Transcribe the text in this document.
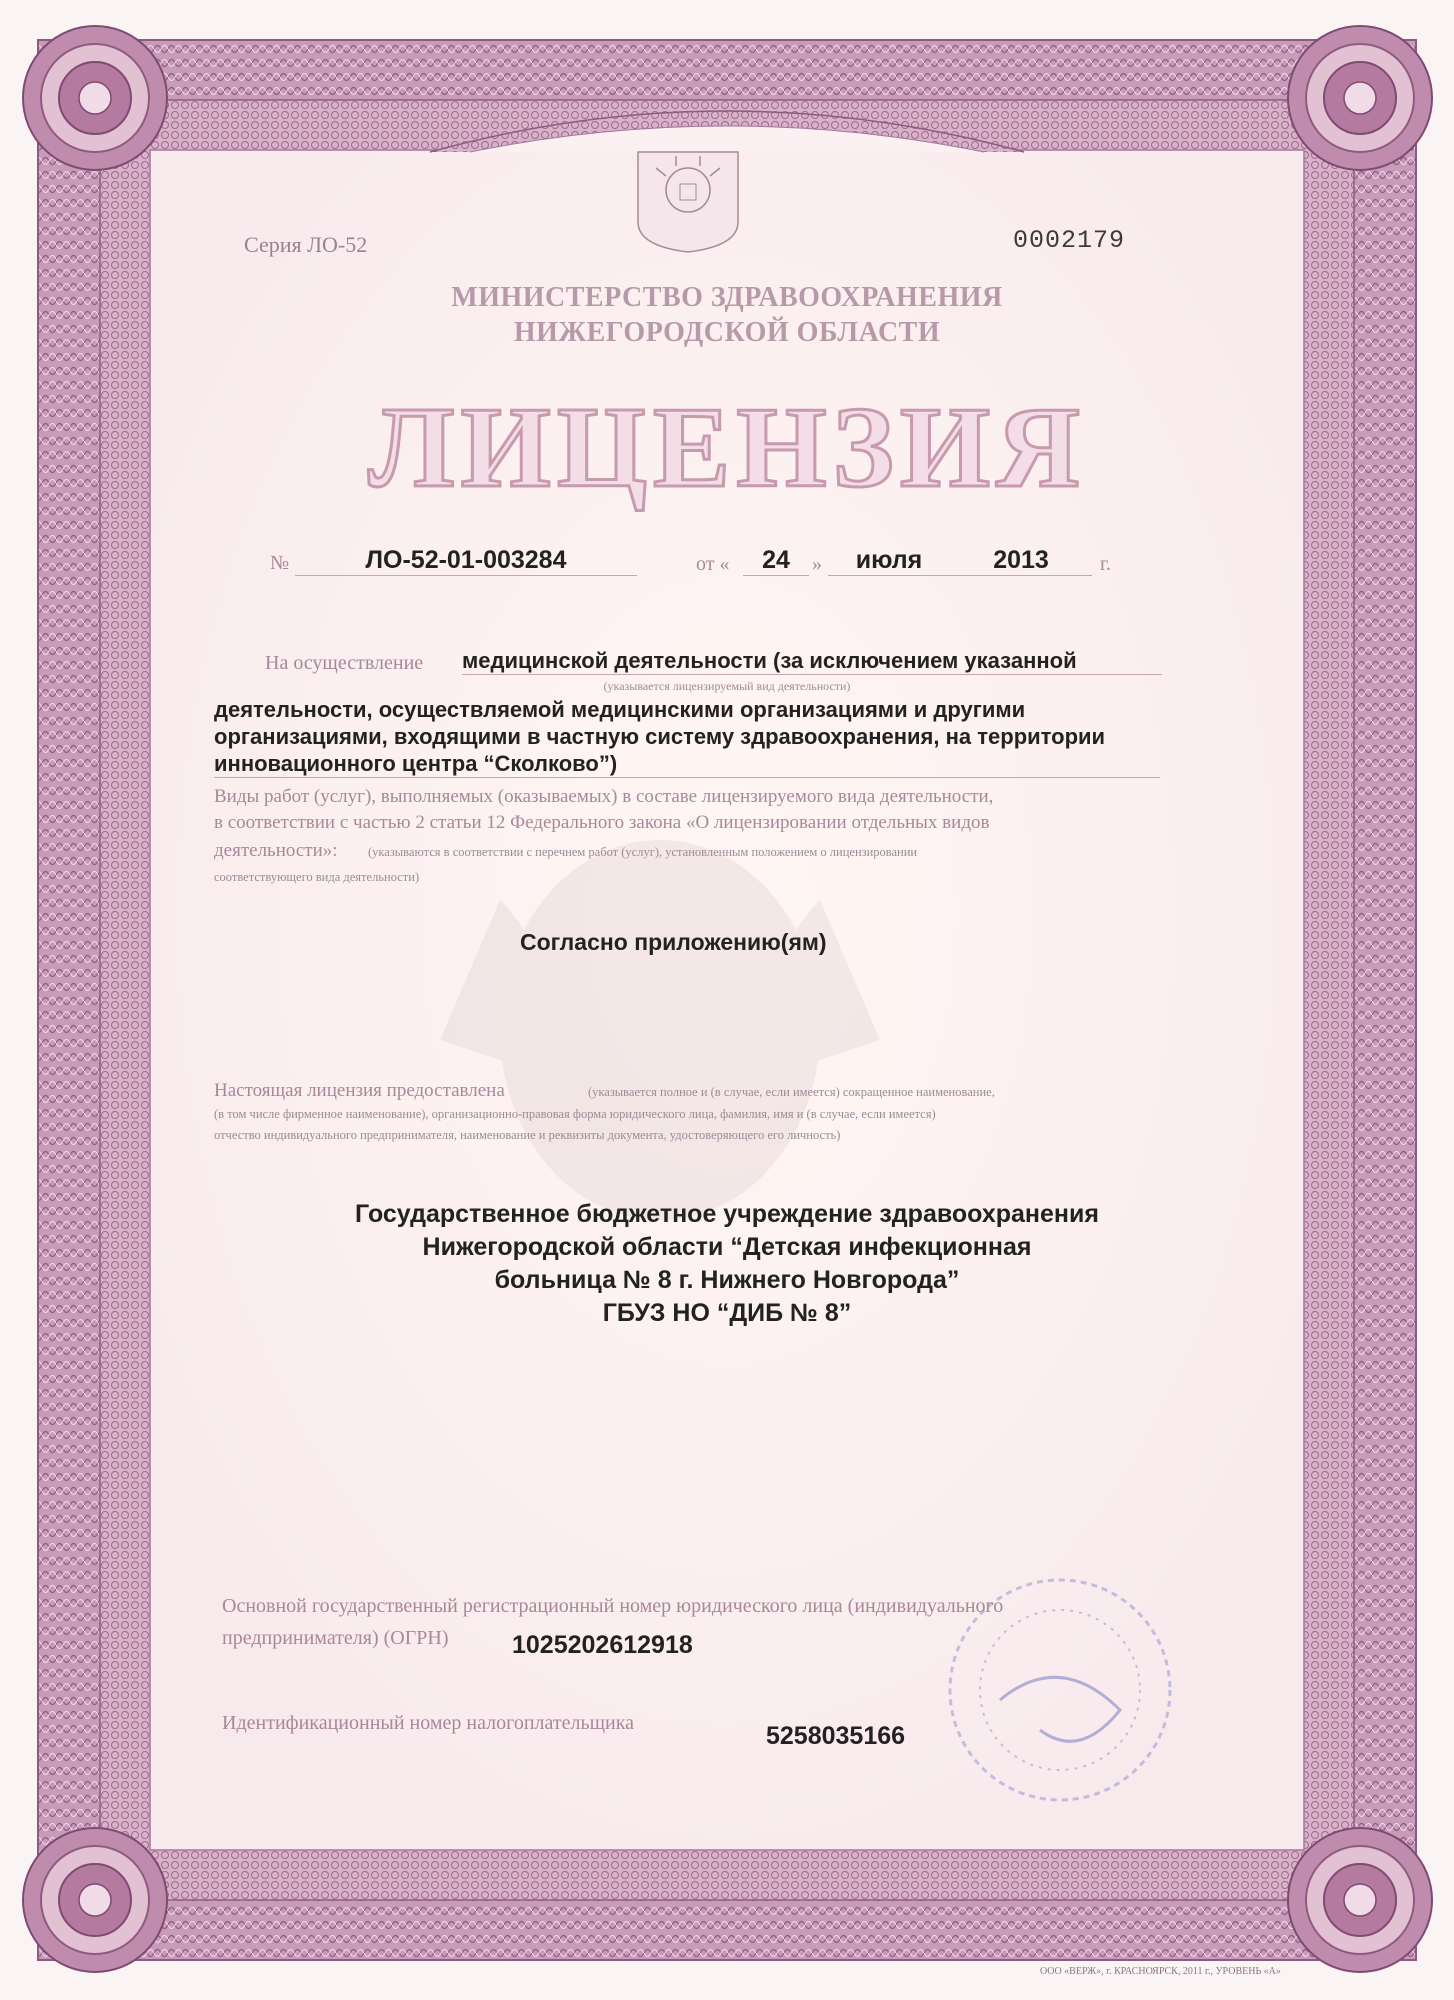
Серия ЛО-52	0002179
МИНИСТЕРСТВО ЗДРАВООХРАНЕНИЯ
НИЖЕГОРОДСКОЙ ОБЛАСТИ
ЛИЦЕНЗИЯ
№	ЛО-52-01-003284	от «	24	»	июля	2013	г.
На осуществление медицинской деятельности (за исключением указанной
(указывается лицензируемый вид деятельности)
деятельности, осуществляемой медицинскими организациями и другими
организациями, входящими в частную систему здравоохранения, на территории
инновационного центра “Сколково”)
Виды работ (услуг), выполняемых (оказываемых) в составе лицензируемого вида деятельности,
в соответствии с частью 2 статьи 12 Федерального закона «О лицензировании отдельных видов
деятельности»: (указываются в соответствии с перечнем работ (услуг), установленным положением о лицензировании
соответствующего вида деятельности)
Согласно приложению(ям)
Настоящая лицензия предоставлена	(указывается полное и (в случае, если имеется) сокращенное наименование,
(в том числе фирменное наименование), организационно-правовая форма юридического лица, фамилия, имя и (в случае, если имеется)
отчество индивидуального предпринимателя, наименование и реквизиты документа, удостоверяющего его личность)
Государственное бюджетное учреждение здравоохранения
Нижегородской области “Детская инфекционная
больница № 8 г. Нижнего Новгорода”
ГБУЗ НО “ДИБ № 8”
Основной государственный регистрационный номер юридического лица (индивидуального
предпринимателя) (ОГРН)	1025202612918
Идентификационный номер налогоплательщика	5258035166
ООО «ВЕРЖ», г. КРАСНОЯРСК, 2011 г., УРОВЕНЬ «А»
